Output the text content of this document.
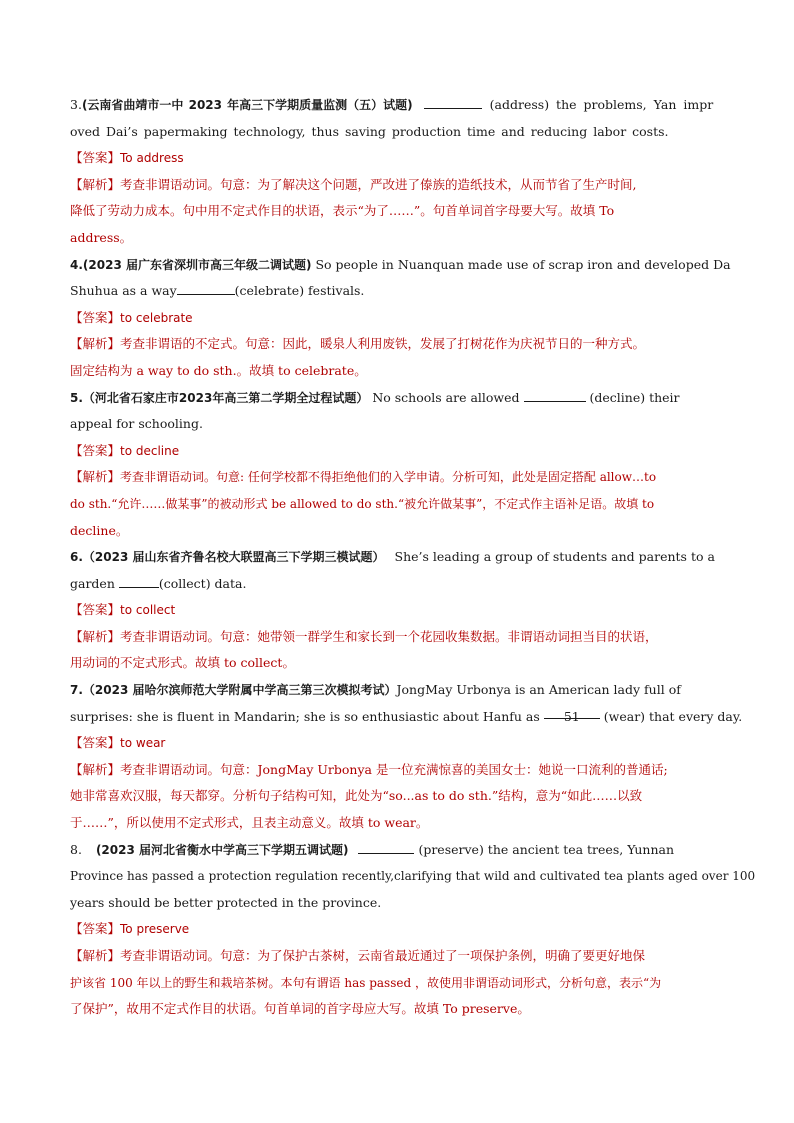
3.(云南省曲靖市一中 2023 年高三下学期质量监测（五）试题)	(address) the problems, Yan impr
oved Dai’s papermaking technology, thus saving production time and reducing labor costs.
【答案】To address
【解析】考查非谓语动词。句意：为了解决这个问题，严改进了傣族的造纸技术，从而节省了生产时间,
降低了劳动力成本。句中用不定式作目的状语，表示“为了……”。句首单词首字母要大写。故填 To
address。
4.(2023 届广东省深圳市高三年级二调试题) So people in Nuanquan made use of scrap iron and developed Da
Shuhua as a way	(celebrate) festivals.
【答案】to celebrate
【解析】考查非谓语的不定式。句意：因此，暖泉人利用废铁，发展了打树花作为庆祝节日的一种方式。
固定结构为 a way to do sth.。故填 to celebrate。
5.（河北省石家庄市2023年高三第二学期全过程试题） No schools are allowed	(decline) their
appeal for schooling.
【答案】to decline
【解析】考查非谓语动词。句意: 任何学校都不得拒绝他们的入学申请。分析可知，此处是固定搭配 allow…to
do sth.“允许……做某事”的被动形式 be allowed to do sth.“被允许做某事”，不定式作主语补足语。故填 to
decline。
6.（2023 届山东省齐鲁名校大联盟高三下学期三模试题） She’s leading a group of students and parents to a
garden	(collect) data.
【答案】to collect
【解析】考查非谓语动词。句意：她带领一群学生和家长到一个花园收集数据。非谓语动词担当目的状语，
用动词的不定式形式。故填 to collect。
7.（2023 届哈尔滨师范大学附属中学高三第三次模拟考试）JongMay Urbonya is an American lady full of
surprises: she is fluent in Mandarin; she is so enthusiastic about Hanfu as 51 (wear) that every day.
【答案】to wear
【解析】考查非谓语动词。句意：JongMay Urbonya 是一位充满惊喜的美国女士：她说一口流利的普通话;
她非常喜欢汉服，每天都穿。分析句子结构可知，此处为“so...as to do sth.”结构，意为“如此……以致
于……”，所以使用不定式形式，且表主动意义。故填 to wear。
8. (2023 届河北省衡水中学高三下学期五调试题)	(preserve) the ancient tea trees, Yunnan
Province has passed a protection regulation recently,clarifying that wild and cultivated tea plants aged over 100
years should be better protected in the province.
【答案】To preserve
【解析】考查非谓语动词。句意：为了保护古茶树，云南省最近通过了一项保护条例，明确了要更好地保
护该省 100 年以上的野生和栽培茶树。本句有谓语 has passed ，故使用非谓语动词形式，分析句意，表示“为
了保护”，故用不定式作目的状语。句首单词的首字母应大写。故填 To preserve。
